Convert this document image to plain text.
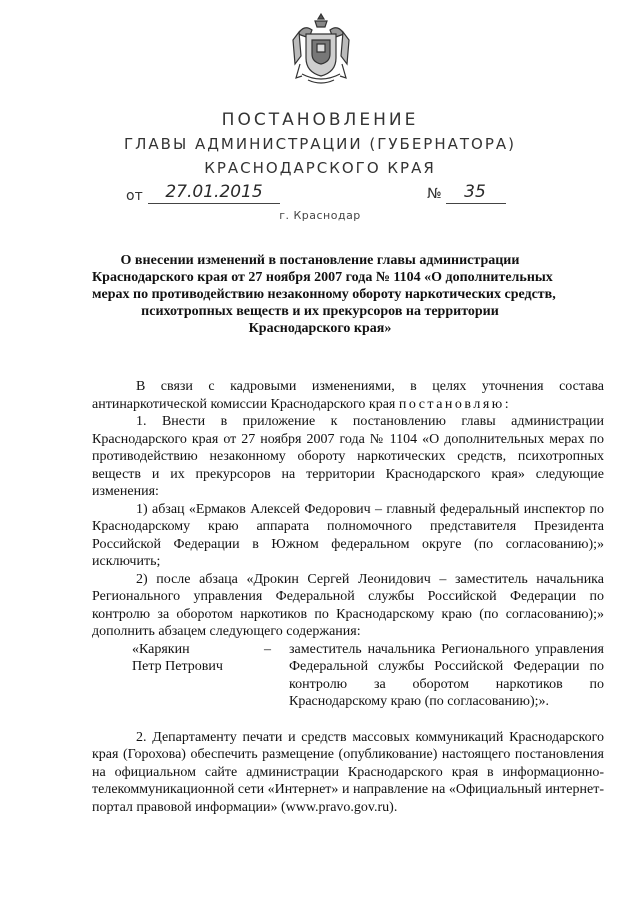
ПОСТАНОВЛЕНИЕ
ГЛАВЫ АДМИНИСТРАЦИИ (ГУБЕРНАТОРА)
КРАСНОДАРСКОГО КРАЯ
от	27.01.2015	№	35
г. Краснодар
О внесении изменений в постановление главы администрации
Краснодарского края от 27 ноября 2007 года № 1104 «О дополнительных
мерах по противодействию незаконному обороту наркотических средств,
психотропных веществ и их прекурсоров на территории
Краснодарского края»
В связи с кадровыми изменениями, в целях уточнения состава антинаркотической комиссии Краснодарского края постановляю:
1. Внести в приложение к постановлению главы администрации Краснодарского края от 27 ноября 2007 года № 1104 «О дополнительных мерах по противодействию незаконному обороту наркотических средств, психотропных веществ и их прекурсоров на территории Краснодарского края» следующие изменения:
1) абзац «Ермаков Алексей Федорович – главный федеральный инспектор по Краснодарскому краю аппарата полномочного представителя Президента Российской Федерации в Южном федеральном округе (по согласованию);» исключить;
2) после абзаца «Дрокин Сергей Леонидович – заместитель начальника Регионального управления Федеральной службы Российской Федерации по контролю за оборотом наркотиков по Краснодарскому краю (по согласованию);» дополнить абзацем следующего содержания:
«Карякин
Петр Петрович
– заместитель начальника Регионального управления Федеральной службы Российской Федерации по контролю за оборотом наркотиков по Краснодарскому краю (по согласованию);».
2. Департаменту печати и средств массовых коммуникаций Краснодарского края (Горохова) обеспечить размещение (опубликование) настоящего постановления на официальном сайте администрации Краснодарского края в информационно-телекоммуникационной сети «Интернет» и направление на «Официальный интернет-портал правовой информации» (www.pravo.gov.ru).
